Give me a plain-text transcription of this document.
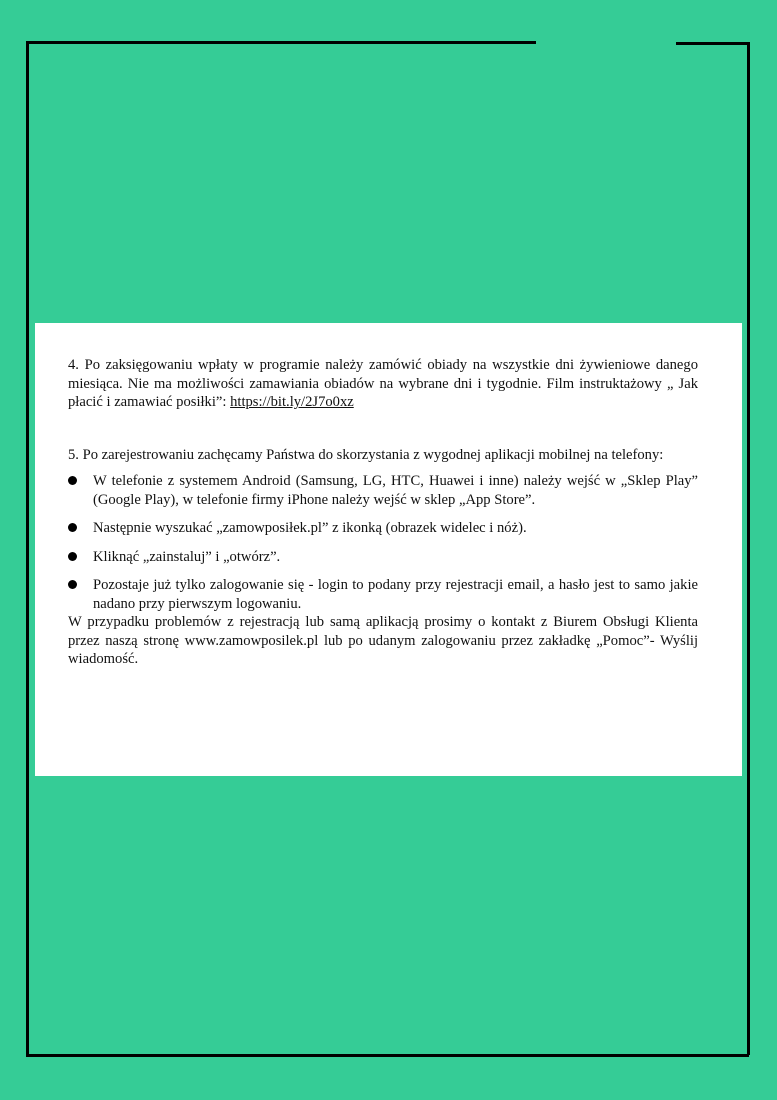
4. Po zaksięgowaniu wpłaty w programie należy zamówić obiady na wszystkie dni żywieniowe danego miesiąca. Nie ma możliwości zamawiania obiadów na wybrane dni i tygodnie. Film instruktażowy „ Jak płacić i zamawiać posiłki”: https://bit.ly/2J7o0xz

5. Po zarejestrowaniu zachęcamy Państwa do skorzystania z wygodnej aplikacji mobilnej na telefony:

W telefonie z systemem Android (Samsung, LG, HTC, Huawei i inne) należy wejść w „Sklep Play” (Google Play), w telefonie firmy iPhone należy wejść w sklep „App Store”.
Następnie wyszukać „zamowposiłek.pl” z ikonką (obrazek widelec i nóż).
Kliknąć „zainstaluj” i „otwórz”.
Pozostaje już tylko zalogowanie się - login to podany przy rejestracji email, a hasło jest to samo jakie nadano przy pierwszym logowaniu.

W przypadku problemów z rejestracją lub samą aplikacją prosimy o kontakt z Biurem Obsługi Klienta przez naszą stronę www.zamowposilek.pl lub po udanym zalogowaniu przez zakładkę „Pomoc”- Wyślij wiadomość.
